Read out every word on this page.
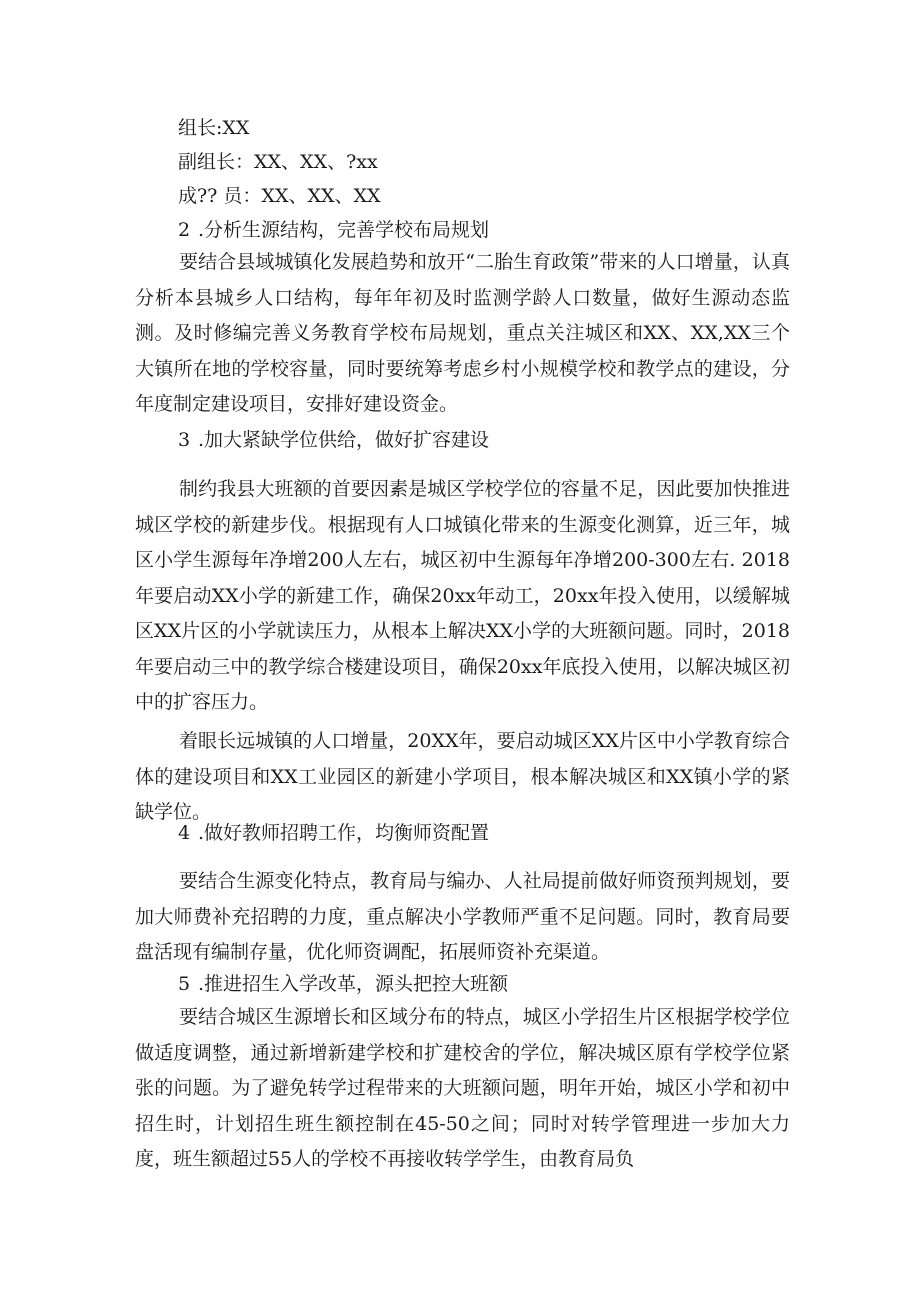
组长:XX
副组长：XX、XX、?xx
成?? 员：XX、XX、XX
2 .分析生源结构，完善学校布局规划

要结合县域城镇化发展趋势和放开“二胎生育政策”带来的人口增量，认真分析本县城乡人口结构，每年年初及时监测学龄人口数量，做好生源动态监测。及时修编完善义务教育学校布局规划，重点关注城区和XX、XX,XX三个大镇所在地的学校容量，同时要统筹考虑乡村小规模学校和教学点的建设，分年度制定建设项目，安排好建设资金。

3 .加大紧缺学位供给，做好扩容建设

制约我县大班额的首要因素是城区学校学位的容量不足，因此要加快推进城区学校的新建步伐。根据现有人口城镇化带来的生源变化测算，近三年，城区小学生源每年净增200人左右，城区初中生源每年净增200-300左右. 2018年要启动XX小学的新建工作，确保20xx年动工，20xx年投入使用，以缓解城区XX片区的小学就读压力，从根本上解决XX小学的大班额问题。同时，2018年要启动三中的教学综合楼建设项目，确保20xx年底投入使用，以解决城区初中的扩容压力。

着眼长远城镇的人口增量，20XX年，要启动城区XX片区中小学教育综合体的建设项目和XX工业园区的新建小学项目，根本解决城区和XX镇小学的紧缺学位。

4 .做好教师招聘工作，均衡师资配置

要结合生源变化特点，教育局与编办、人社局提前做好师资预判规划，要加大师费补充招聘的力度，重点解决小学教师严重不足问题。同时，教育局要盘活现有编制存量，优化师资调配，拓展师资补充渠道。

5 .推进招生入学改革，源头把控大班额

要结合城区生源增长和区域分布的特点，城区小学招生片区根据学校学位做适度调整，通过新增新建学校和扩建校舍的学位，解决城区原有学校学位紧张的问题。为了避免转学过程带来的大班额问题，明年开始，城区小学和初中招生时，计划招生班生额控制在45-50之间；同时对转学管理进一步加大力度，班生额超过55人的学校不再接收转学学生，由教育局负
